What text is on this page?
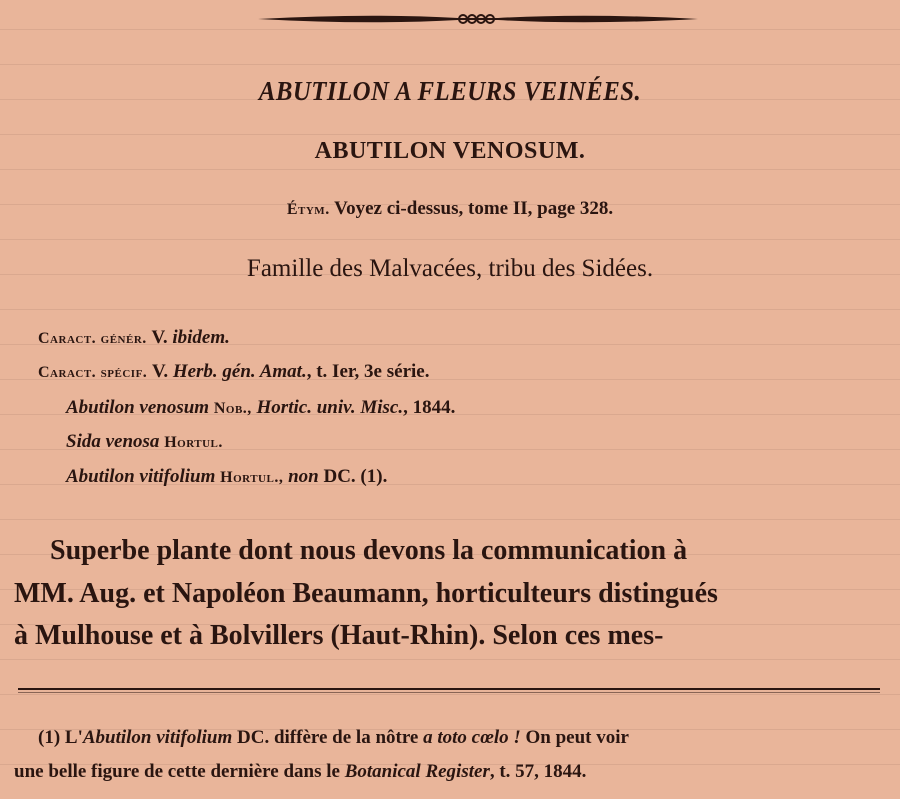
ABUTILON A FLEURS VEINÉES.
ABUTILON VENOSUM.
Étym. Voyez ci-dessus, tome II, page 328.
Famille des Malvacées, tribu des Sidées.
Caract. génér. V. ibidem.
Caract. spécif. V. Herb. gén. Amat., t. Ier, 3e série.
Abutilon venosum Nob., Hortic. univ. Misc., 1844.
Sida venosa Hortul.
Abutilon vitifolium Hortul., non DC. (1).
Superbe plante dont nous devons la communication à
MM. Aug. et Napoléon Beaumann, horticulteurs distingués
à Mulhouse et à Bolvillers (Haut-Rhin). Selon ces mes-
(1) L'Abutilon vitifolium DC. diffère de la nôtre a toto cœlo ! On peut voir
une belle figure de cette dernière dans le Botanical Register, t. 57, 1844.
